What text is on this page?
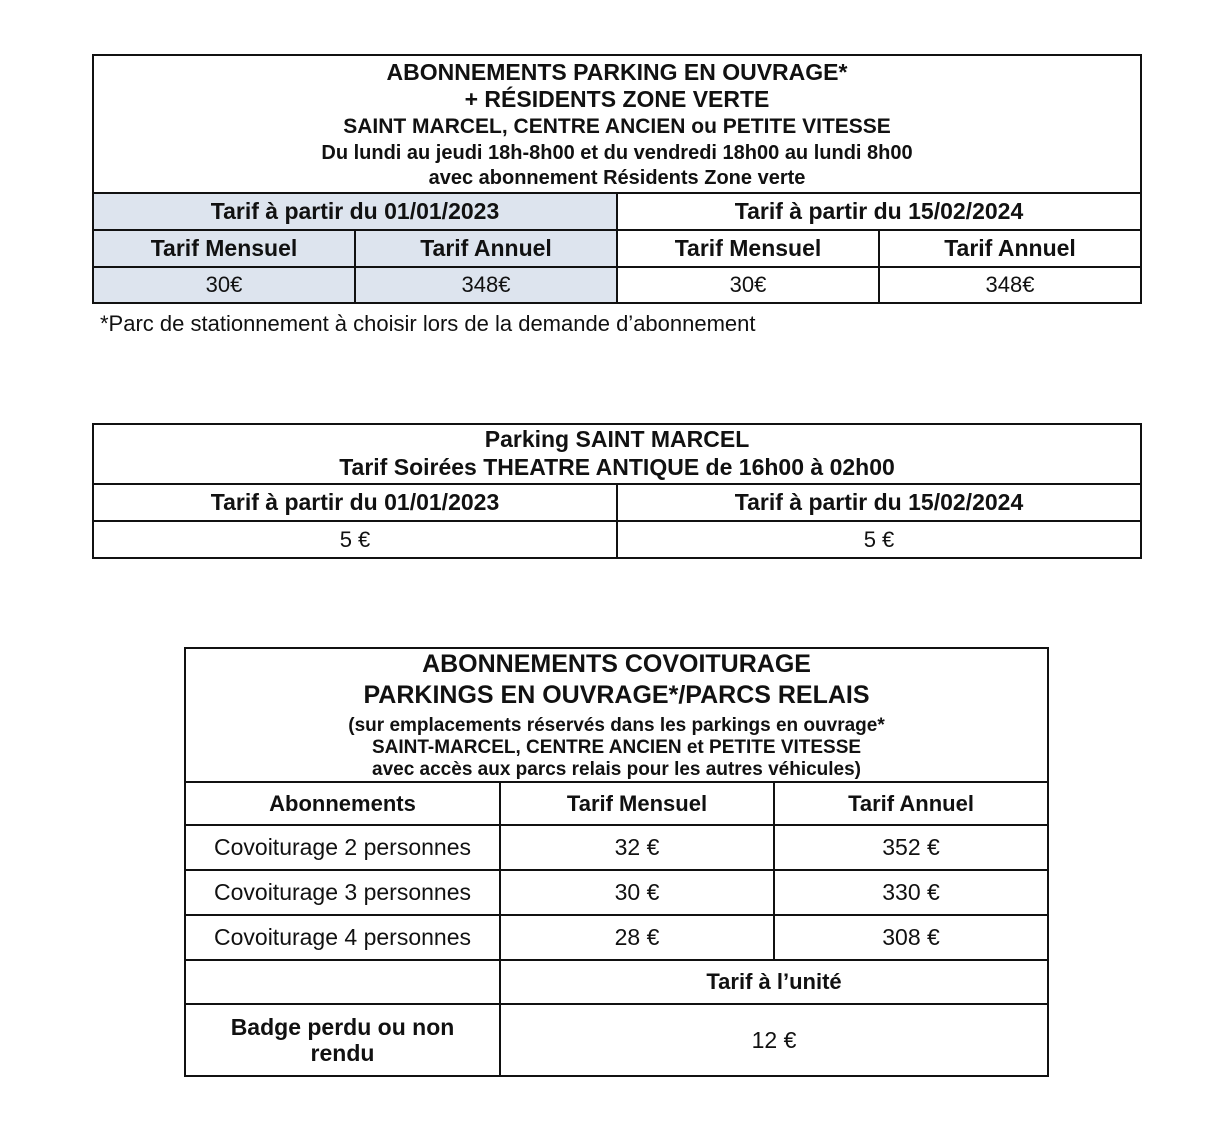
ABONNEMENTS PARKING EN OUVRAGE*
+ RÉSIDENTS ZONE VERTE
SAINT MARCEL, CENTRE ANCIEN ou PETITE VITESSE
Du lundi au jeudi 18h-8h00 et du vendredi 18h00 au lundi 8h00
avec abonnement Résidents Zone verte			

Tarif à partir du 01/01/2023		Tarif à partir du 15/02/2024	
Tarif Mensuel	Tarif Annuel	Tarif Mensuel	Tarif Annuel
30€	348€	30€	348€
*Parc de stationnement à choisir lors de la demande d’abonnement
Parking SAINT MARCEL
Tarif Soirées THEATRE ANTIQUE de 16h00 à 02h00	

Tarif à partir du 01/01/2023	Tarif à partir du 15/02/2024
5 €	5 €
ABONNEMENTS COVOITURAGE
PARKINGS EN OUVRAGE*/PARCS RELAIS
(sur emplacements réservés dans les parkings en ouvrage*
SAINT-MARCEL, CENTRE ANCIEN et PETITE VITESSE
avec accès aux parcs relais pour les autres véhicules)		

Abonnements	Tarif Mensuel	Tarif Annuel
Covoiturage 2 personnes	32 €	352 €
Covoiturage 3 personnes	30 €	330 €
Covoiturage 4 personnes	28 €	308 €
	Tarif à l’unité	

Badge perdu ou non
rendu	12 €	
